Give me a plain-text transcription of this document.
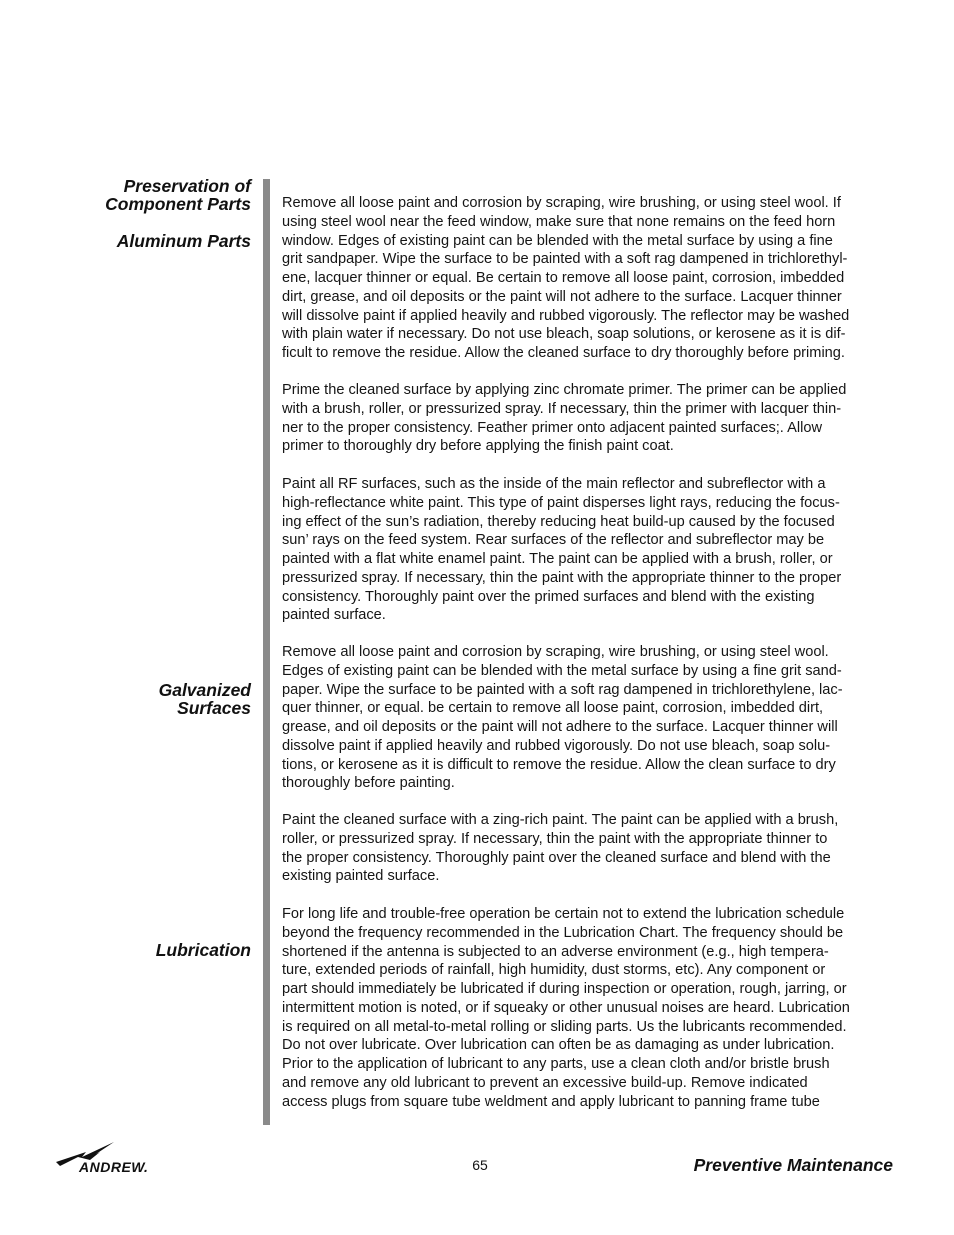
Preservation of
Component Parts
Aluminum Parts
Galvanized
Surfaces
Lubrication

Remove all loose paint and corrosion by scraping, wire brushing, or using steel wool. If
using steel wool near the feed window, make sure that none remains on the feed horn
window. Edges of existing paint can be blended with the metal surface by using a fine
grit sandpaper. Wipe the surface to be painted with a soft rag dampened in trichlorethyl-
ene, lacquer thinner or equal. Be certain to remove all loose paint, corrosion, imbedded
dirt, grease, and oil deposits or the paint will not adhere to the surface. Lacquer thinner
will dissolve paint if applied heavily and rubbed vigorously. The reflector may be washed
with plain water if necessary. Do not use bleach, soap solutions, or kerosene as it is dif-
ficult to remove the residue. Allow the cleaned surface to dry thoroughly before priming.

Prime the cleaned surface by applying zinc chromate primer. The primer can be applied
with a brush, roller, or pressurized spray. If necessary, thin the primer with lacquer thin-
ner to the proper consistency. Feather primer onto adjacent painted surfaces;. Allow
primer to thoroughly dry before applying the finish paint coat.

Paint all RF surfaces, such as the inside of the main reflector and subreflector with a
high-reflectance white paint. This type of paint disperses light rays, reducing the focus-
ing effect of the sun’s radiation, thereby reducing heat build-up caused by the focused
sun’ rays on the feed system. Rear surfaces of the reflector and subreflector may be
painted with a flat white enamel paint. The paint can be applied with a brush, roller, or
pressurized spray. If necessary, thin the paint with the appropriate thinner to the proper
consistency. Thoroughly paint over the primed surfaces and blend with the existing
painted surface.

Remove all loose paint and corrosion by scraping, wire brushing, or using steel wool.
Edges of existing paint can be blended with the metal surface by using a fine grit sand-
paper. Wipe the surface to be painted with a soft rag dampened in trichlorethylene, lac-
quer thinner, or equal. be certain to remove all loose paint, corrosion, imbedded dirt,
grease, and oil deposits or the paint will not adhere to the surface. Lacquer thinner will
dissolve paint if applied heavily and rubbed vigorously. Do not use bleach, soap solu-
tions, or kerosene as it is difficult to remove the residue. Allow the clean surface to dry
thoroughly before painting.

Paint the cleaned surface with a zing-rich paint. The paint can be applied with a brush,
roller, or pressurized spray. If necessary, thin the paint with the appropriate thinner to
the proper consistency. Thoroughly paint over the cleaned surface and blend with the
existing painted surface.

For long life and trouble-free operation be certain not to extend the lubrication schedule
beyond the frequency recommended in the Lubrication Chart. The frequency should be
shortened if the antenna is subjected to an adverse environment (e.g., high tempera-
ture, extended periods of rainfall, high humidity, dust storms, etc). Any component or
part should immediately be lubricated if during inspection or operation, rough, jarring, or
intermittent motion is noted, or if squeaky or other unusual noises are heard. Lubrication
is required on all metal-to-metal rolling or sliding parts. Us the lubricants recommended.
Do not over lubricate. Over lubrication can often be as damaging as under lubrication.
Prior to the application of lubricant to any parts, use a clean cloth and/or bristle brush
and remove any old lubricant to prevent an excessive build-up. Remove indicated
access plugs from square tube weldment and apply lubricant to panning frame tube

ANDREW.	65	Preventive Maintenance
